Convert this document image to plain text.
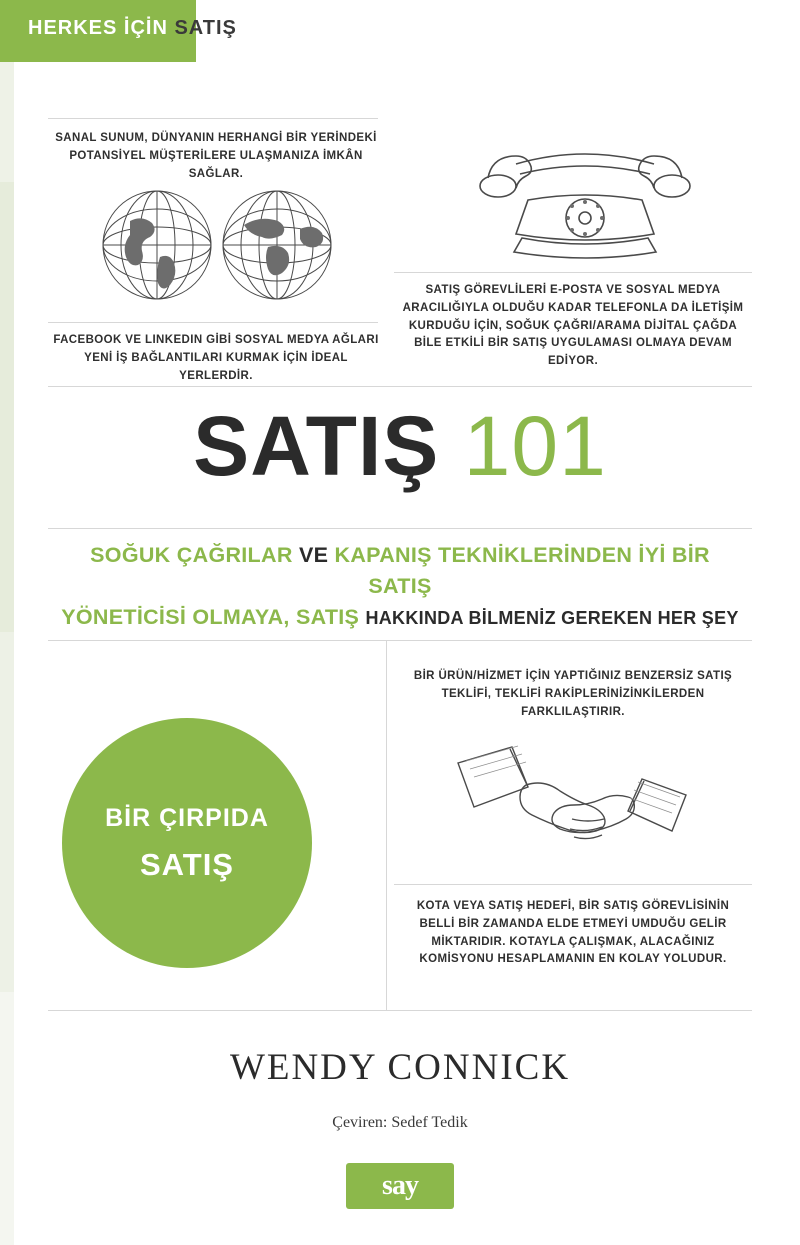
HERKES İÇİN SATIŞ
SANAL SUNUM, DÜNYANIN HERHANGİ BİR YERİNDEKİ POTANSİYEL MÜŞTERİLERE ULAŞMANIZA İMKÂN SAĞLAR.
FACEBOOK VE LINKEDIN GİBİ SOSYAL MEDYA AĞLARI YENİ İŞ BAĞLANTILARI KURMAK İÇİN İDEAL YERLERDİR.
SATIŞ GÖREVLİLERİ E-POSTA VE SOSYAL MEDYA ARACILIĞIYLA OLDUĞU KADAR TELEFONLA DA İLETİŞİM KURDUĞU İÇİN, SOĞUK ÇAĞRI/ARAMA DİJİTAL ÇAĞDA BİLE ETKİLİ BİR SATIŞ UYGULAMASI OLMAYA DEVAM EDİYOR.
SATIŞ 101
SOĞUK ÇAĞRILAR VE KAPANIŞ TEKNİKLERİNDEN İYİ BİR SATIŞ
YÖNETİCİSİ OLMAYA, SATIŞ HAKKINDA BİLMENİZ GEREKEN HER ŞEY
BİR ÇIRPIDA
SATIŞ
BİR ÜRÜN/HİZMET İÇİN YAPTIĞINIZ BENZERSİZ SATIŞ TEKLİFİ, TEKLİFİ RAKİPLERİNİZİNKİLERDEN FARKLILAŞTIRIR.
KOTA VEYA SATIŞ HEDEFİ, BİR SATIŞ GÖREVLİSİNİN BELLİ BİR ZAMANDA ELDE ETMEYİ UMDUĞU GELİR MİKTARIDIR. KOTAYLA ÇALIŞMAK, ALACAĞINIZ KOMİSYONU HESAPLAMANIN EN KOLAY YOLUDUR.
WENDY CONNICK
Çeviren: Sedef Tedik
say
